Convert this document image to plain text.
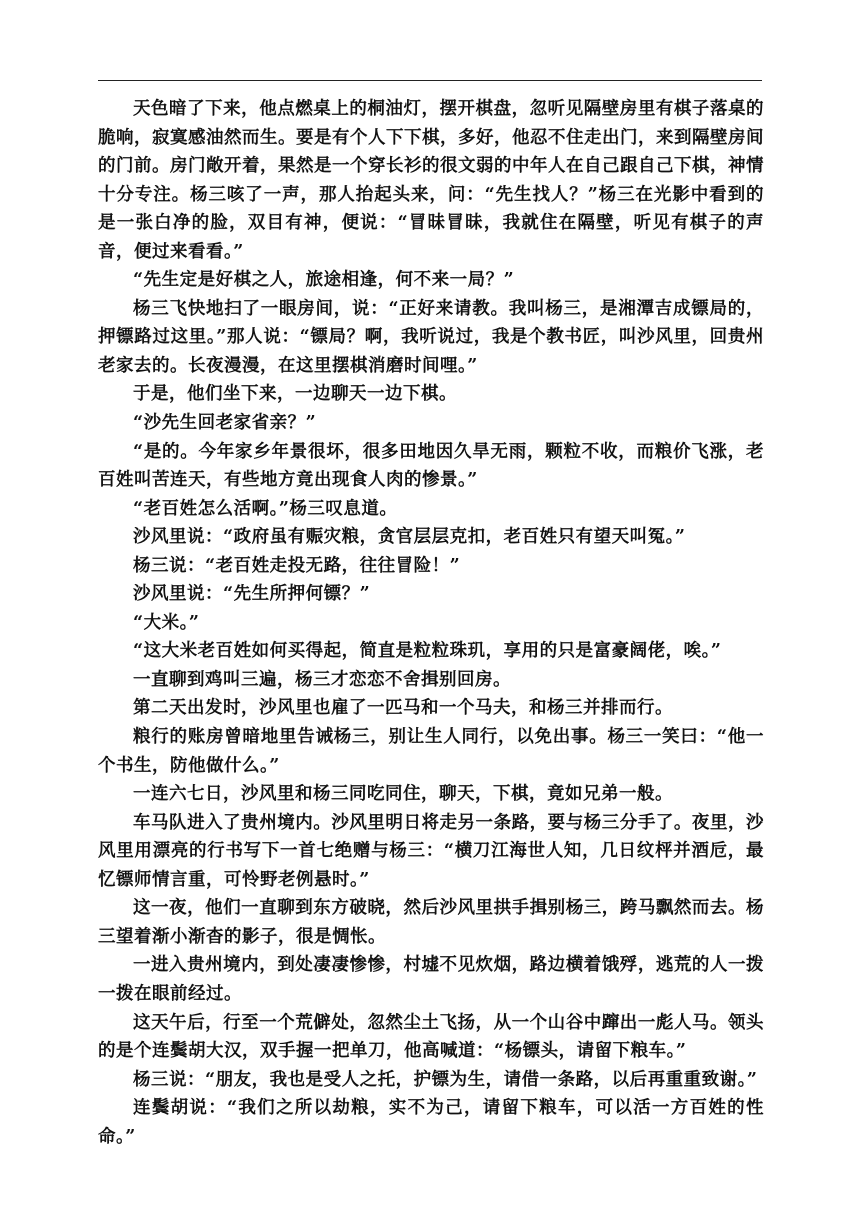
天色暗了下来，他点燃桌上的桐油灯，摆开棋盘，忽听见隔壁房里有棋子落桌的脆响，寂寞感油然而生。要是有个人下下棋，多好，他忍不住走出门，来到隔壁房间的门前。房门敞开着，果然是一个穿长衫的很文弱的中年人在自己跟自己下棋，神情十分专注。杨三咳了一声，那人抬起头来，问：“先生找人？”杨三在光影中看到的是一张白净的脸，双目有神，便说：“冒昧冒昧，我就住在隔壁，听见有棋子的声音，便过来看看。”

“先生定是好棋之人，旅途相逢，何不来一局？”

杨三飞快地扫了一眼房间，说：“正好来请教。我叫杨三，是湘潭吉成镖局的，押镖路过这里。”那人说：“镖局？啊，我听说过，我是个教书匠，叫沙风里，回贵州老家去的。长夜漫漫，在这里摆棋消磨时间哩。”

于是，他们坐下来，一边聊天一边下棋。

“沙先生回老家省亲？”

“是的。今年家乡年景很坏，很多田地因久旱无雨，颗粒不收，而粮价飞涨，老百姓叫苦连天，有些地方竟出现食人肉的惨景。”

“老百姓怎么活啊。”杨三叹息道。

沙风里说：“政府虽有赈灾粮，贪官层层克扣，老百姓只有望天叫冤。”

杨三说：“老百姓走投无路，往往冒险！”

沙风里说：“先生所押何镖？”

“大米。”

“这大米老百姓如何买得起，简直是粒粒珠玑，享用的只是富豪阔佬，唉。”

一直聊到鸡叫三遍，杨三才恋恋不舍揖别回房。

第二天出发时，沙风里也雇了一匹马和一个马夫，和杨三并排而行。

粮行的账房曾暗地里告诫杨三，别让生人同行，以免出事。杨三一笑曰：“他一个书生，防他做什么。”

一连六七日，沙风里和杨三同吃同住，聊天，下棋，竟如兄弟一般。

车马队进入了贵州境内。沙风里明日将走另一条路，要与杨三分手了。夜里，沙风里用漂亮的行书写下一首七绝赠与杨三：“横刀江海世人知，几日纹枰并酒卮，最忆镖师情言重，可怜野老例悬时。”

这一夜，他们一直聊到东方破晓，然后沙风里拱手揖别杨三，跨马飘然而去。杨三望着渐小渐杳的影子，很是惆怅。

一进入贵州境内，到处凄凄惨惨，村墟不见炊烟，路边横着饿殍，逃荒的人一拨一拨在眼前经过。

这天午后，行至一个荒僻处，忽然尘土飞扬，从一个山谷中蹿出一彪人马。领头的是个连鬓胡大汉，双手握一把单刀，他高喊道：“杨镖头，请留下粮车。”

杨三说：“朋友，我也是受人之托，护镖为生，请借一条路，以后再重重致谢。”

连鬓胡说：“我们之所以劫粮，实不为己，请留下粮车，可以活一方百姓的性命。”
